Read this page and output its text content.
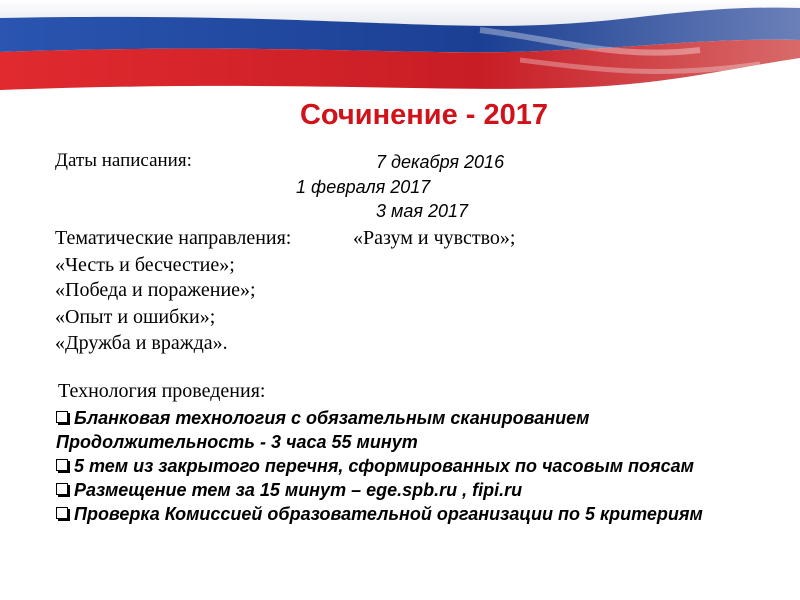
Сочинение - 2017
Даты написания:	7 декабря 2016
1 февраля 2017
3 мая 2017
Тематические направления:	«Разум и чувство»;
«Честь и бесчестие»;
«Победа и поражение»;
«Опыт и ошибки»;
«Дружба и вражда».
Технология проведения:
Бланковая технология с обязательным сканированием Продолжительность - 3 часа 55 минут
5 тем из закрытого перечня, сформированных по часовым поясам
Размещение тем за 15 минут – ege.spb.ru , fipi.ru
Проверка Комиссией образовательной организации по 5 критериям
